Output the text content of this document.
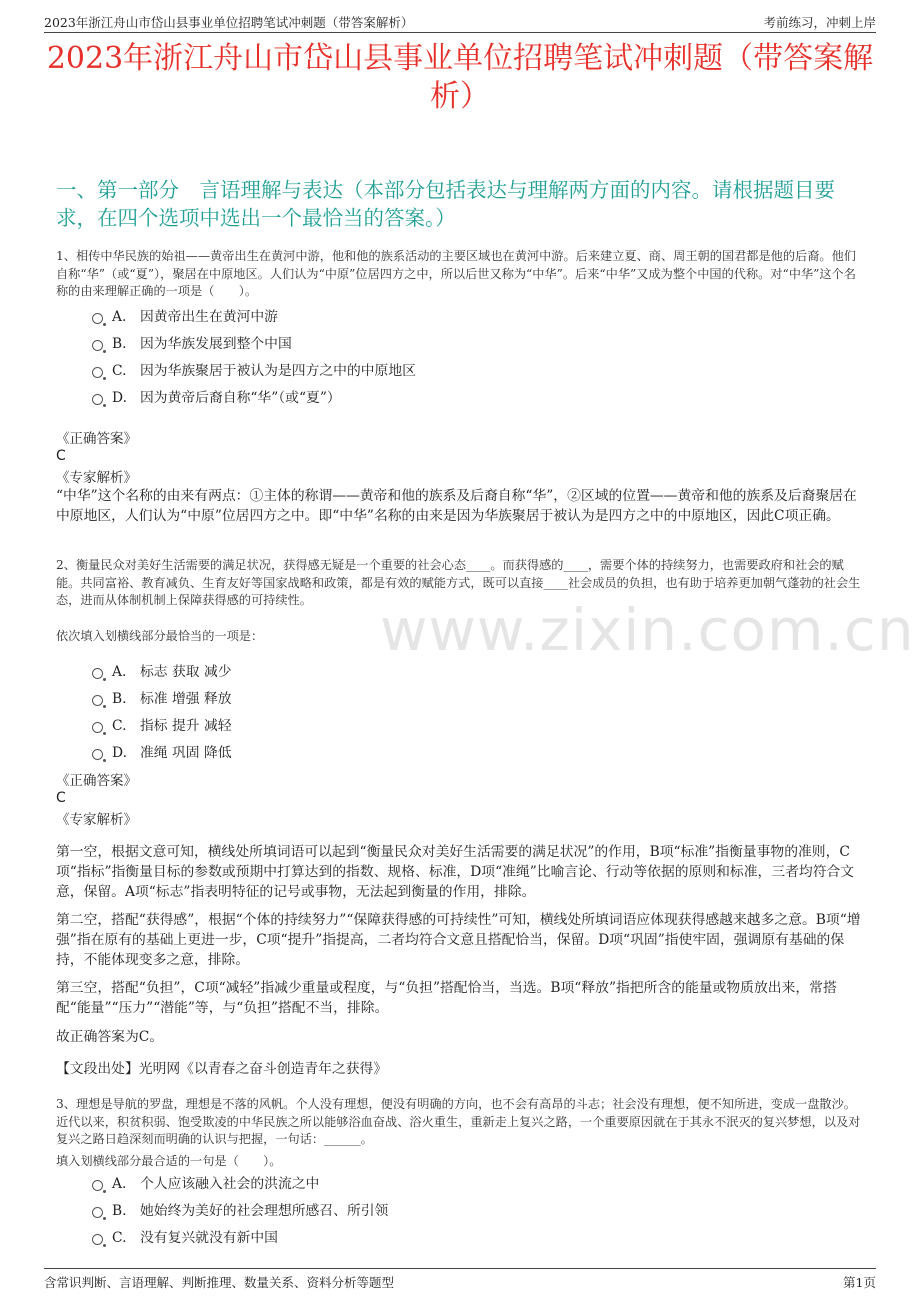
2023年浙江舟山市岱山县事业单位招聘笔试冲刺题（带答案解析）	考前练习，冲刺上岸
2023年浙江舟山市岱山县事业单位招聘笔试冲刺题（带答案解析）
一、第一部分　言语理解与表达（本部分包括表达与理解两方面的内容。请根据题目要求，在四个选项中选出一个最恰当的答案。）
1、相传中华民族的始祖——黄帝出生在黄河中游，他和他的族系活动的主要区域也在黄河中游。后来建立夏、商、周王朝的国君都是他的后裔。他们自称“华”（或“夏”），聚居在中原地区。人们认为“中原”位居四方之中，所以后世又称为“中华”。后来“中华”又成为整个中国的代称。对“中华”这个名称的由来理解正确的一项是（　　）。
A. 因黄帝出生在黄河中游
B. 因为华族发展到整个中国
C. 因为华族聚居于被认为是四方之中的中原地区
D. 因为黄帝后裔自称“华”（或“夏”）
《正确答案》
C
《专家解析》
“中华”这个名称的由来有两点：①主体的称谓——黄帝和他的族系及后裔自称“华”，②区域的位置——黄帝和他的族系及后裔聚居在中原地区，人们认为“中原”位居四方之中。即“中华”名称的由来是因为华族聚居于被认为是四方之中的中原地区，因此C项正确。
2、衡量民众对美好生活需要的满足状况，获得感无疑是一个重要的社会心态____。而获得感的____，需要个体的持续努力，也需要政府和社会的赋能。共同富裕、教育减负、生育友好等国家战略和政策，都是有效的赋能方式，既可以直接____社会成员的负担，也有助于培养更加朝气蓬勃的社会生态，进而从体制机制上保障获得感的可持续性。	www.zixin.com.cn
依次填入划横线部分最恰当的一项是：
A. 标志 获取 减少
B. 标准 增强 释放
C. 指标 提升 减轻
D. 准绳 巩固 降低
《正确答案》
C
《专家解析》
第一空，根据文意可知，横线处所填词语可以起到“衡量民众对美好生活需要的满足状况”的作用，B项“标准”指衡量事物的准则，C项“指标”指衡量目标的参数或预期中打算达到的指数、规格、标准，D项“准绳”比喻言论、行动等依据的原则和标准，三者均符合文意，保留。A项“标志”指表明特征的记号或事物，无法起到衡量的作用，排除。
第二空，搭配“获得感”，根据“个体的持续努力”“保障获得感的可持续性”可知，横线处所填词语应体现获得感越来越多之意。B项“增强”指在原有的基础上更进一步，C项“提升”指提高，二者均符合文意且搭配恰当，保留。D项“巩固”指使牢固，强调原有基础的保持，不能体现变多之意，排除。
第三空，搭配“负担”，C项“减轻”指减少重量或程度，与“负担”搭配恰当，当选。B项“释放”指把所含的能量或物质放出来，常搭配“能量”“压力”“潜能”等，与“负担”搭配不当，排除。
故正确答案为C。
【文段出处】光明网《以青春之奋斗创造青年之获得》
3、理想是导航的罗盘，理想是不落的风帆。个人没有理想，便没有明确的方向，也不会有高昂的斗志；社会没有理想，便不知所进，变成一盘散沙。近代以来，积贫积弱、饱受欺凌的中华民族之所以能够浴血奋战、浴火重生，重新走上复兴之路，一个重要原因就在于其永不泯灭的复兴梦想，以及对复兴之路日趋深刻而明确的认识与把握，一句话：______。
填入划横线部分最合适的一句是（　　）。
A. 个人应该融入社会的洪流之中
B. 她始终为美好的社会理想所感召、所引领
C. 没有复兴就没有新中国
含常识判断、言语理解、判断推理、数量关系、资料分析等题型	第1页
